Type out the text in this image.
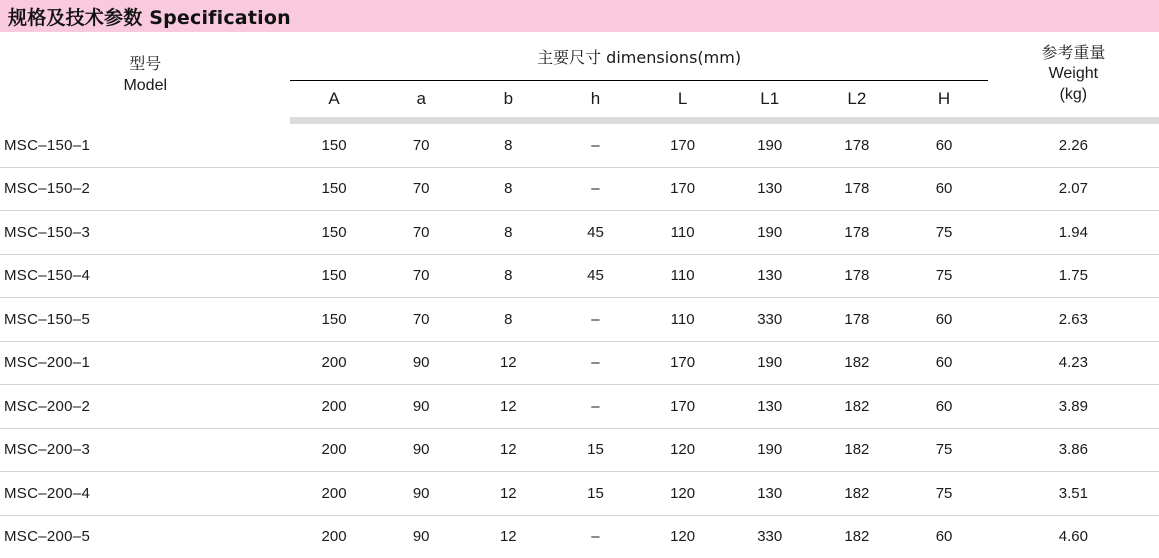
规格及技术参数 Specification
型号
Model
	主要尺寸 dimensions(mm)	参考重量
Weight
(kg)

	A	a	b	h	L	L1	L2	H	

MSC–150–1	150	70	8	–	170	190	178	60	2.26
MSC–150–2	150	70	8	–	170	130	178	60	2.07
MSC–150–3	150	70	8	45	110	190	178	75	1.94
MSC–150–4	150	70	8	45	110	130	178	75	1.75
MSC–150–5	150	70	8	–	110	330	178	60	2.63
MSC–200–1	200	90	12	–	170	190	182	60	4.23
MSC–200–2	200	90	12	–	170	130	182	60	3.89
MSC–200–3	200	90	12	15	120	190	182	75	3.86
MSC–200–4	200	90	12	15	120	130	182	75	3.51
MSC–200–5	200	90	12	–	120	330	182	60	4.60
